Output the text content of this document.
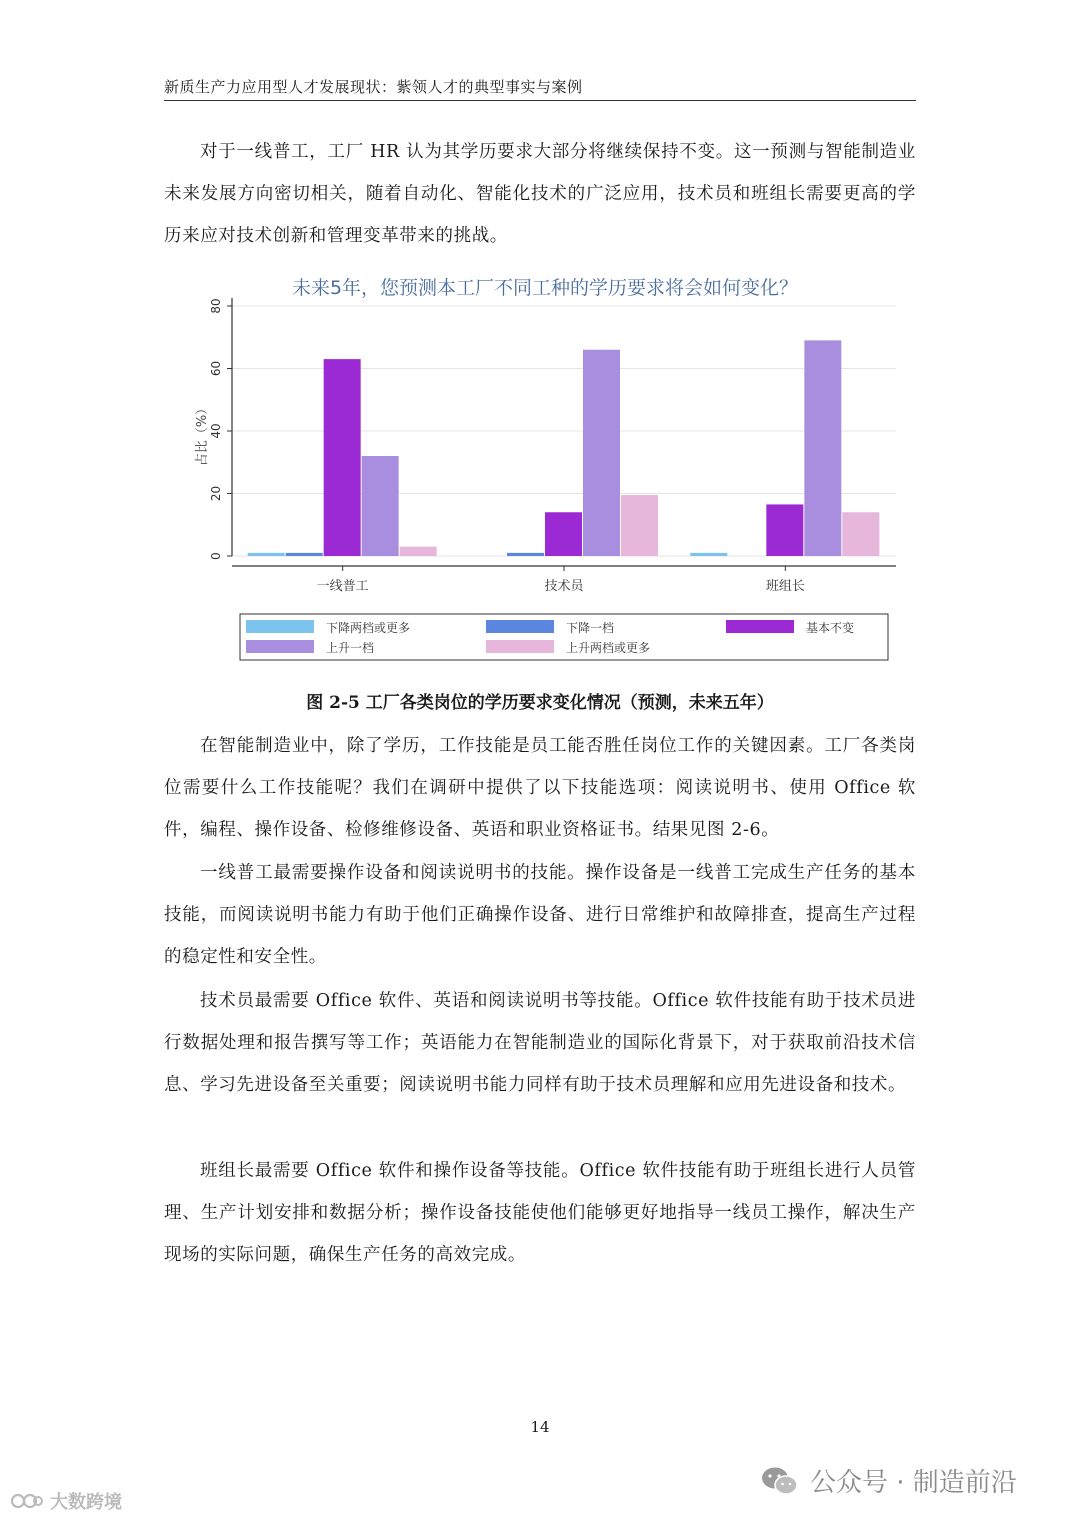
新质生产力应用型人才发展现状：紫领人才的典型事实与案例

对于一线普工，工厂 HR 认为其学历要求大部分将继续保持不变。这一预测与智能制造业未来发展方向密切相关，随着自动化、智能化技术的广泛应用，技术员和班组长需要更高的学历来应对技术创新和管理变革带来的挑战。

未来5年，您预测本工厂不同工种的学历要求将会如何变化？
0
20
40
60
80
一线普工	技术员	班组长
占比（%）
下降两档或更多	下降一档	基本不变
上升一档	上升两档或更多
图 2-5 工厂各类岗位的学历要求变化情况（预测，未来五年）

在智能制造业中，除了学历，工作技能是员工能否胜任岗位工作的关键因素。工厂各类岗位需要什么工作技能呢？我们在调研中提供了以下技能选项：阅读说明书、使用 Office 软件，编程、操作设备、检修维修设备、英语和职业资格证书。结果见图 2-6。

一线普工最需要操作设备和阅读说明书的技能。操作设备是一线普工完成生产任务的基本技能，而阅读说明书能力有助于他们正确操作设备、进行日常维护和故障排查，提高生产过程的稳定性和安全性。

技术员最需要 Office 软件、英语和阅读说明书等技能。Office 软件技能有助于技术员进行数据处理和报告撰写等工作；英语能力在智能制造业的国际化背景下，对于获取前沿技术信息、学习先进设备至关重要；阅读说明书能力同样有助于技术员理解和应用先进设备和技术。

班组长最需要 Office 软件和操作设备等技能。Office 软件技能有助于班组长进行人员管理、生产计划安排和数据分析；操作设备技能使他们能够更好地指导一线员工操作，解决生产现场的实际问题，确保生产任务的高效完成。

14
大数跨境
公众号 · 制造前沿
